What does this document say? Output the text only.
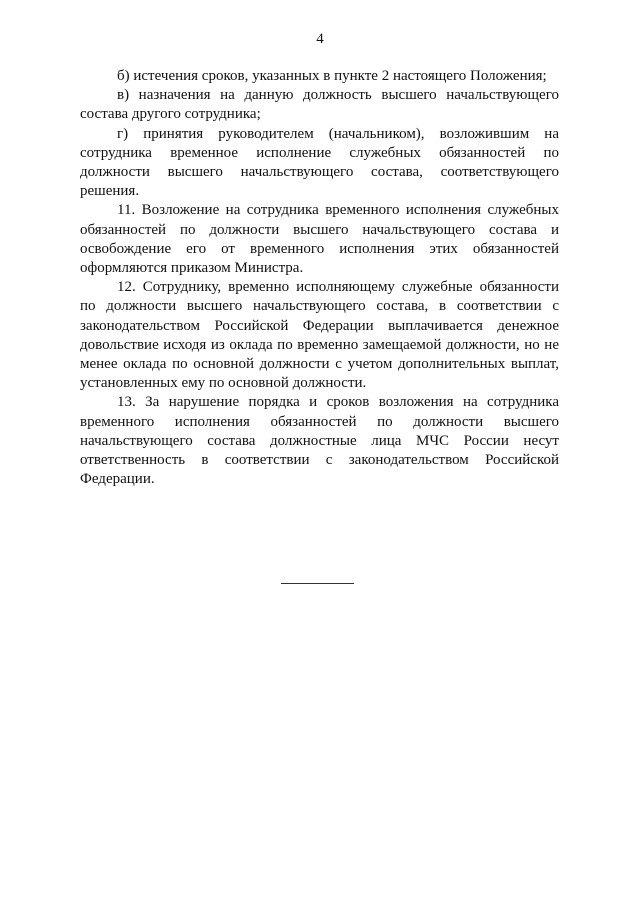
4

б) истечения сроков, указанных в пункте 2 настоящего Положения;

в) назначения на данную должность высшего начальствующего состава другого сотрудника;

г) принятия руководителем (начальником), возложившим на сотрудника временное исполнение служебных обязанностей по должности высшего начальствующего состава, соответствующего решения.

11. Возложение на сотрудника временного исполнения служебных обязанностей по должности высшего начальствующего состава и освобождение его от временного исполнения этих обязанностей оформляются приказом Министра.

12. Сотруднику, временно исполняющему служебные обязанности по должности высшего начальствующего состава, в соответствии с законодательством Российской Федерации выплачивается денежное довольствие исходя из оклада по временно замещаемой должности, но не менее оклада по основной должности с учетом дополнительных выплат, установленных ему по основной должности.

13. За нарушение порядка и сроков возложения на сотрудника временного исполнения обязанностей по должности высшего начальствующего состава должностные лица МЧС России несут ответственность в соответствии с законодательством Российской Федерации.
